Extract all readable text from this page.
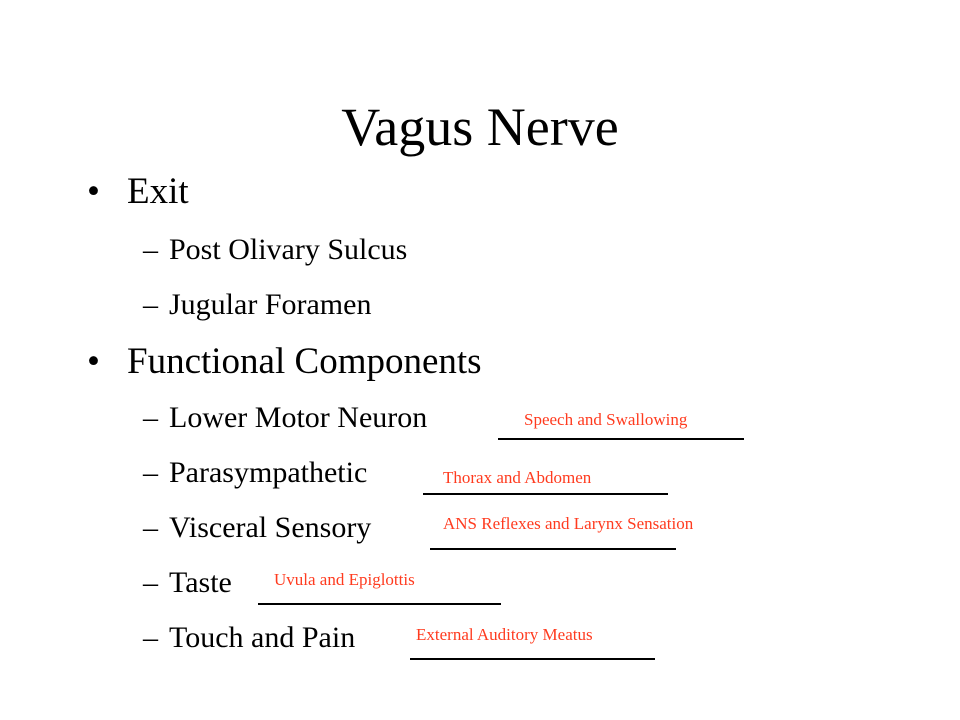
Vagus Nerve
• Exit
– Post Olivary Sulcus
– Jugular Foramen
• Functional Components
– Lower Motor Neuron	Speech and Swallowing
– Parasympathetic	Thorax and Abdomen
– Visceral Sensory	ANS Reflexes and Larynx Sensation
– Taste Uvula and Epiglottis
– Touch and Pain	External Auditory Meatus
